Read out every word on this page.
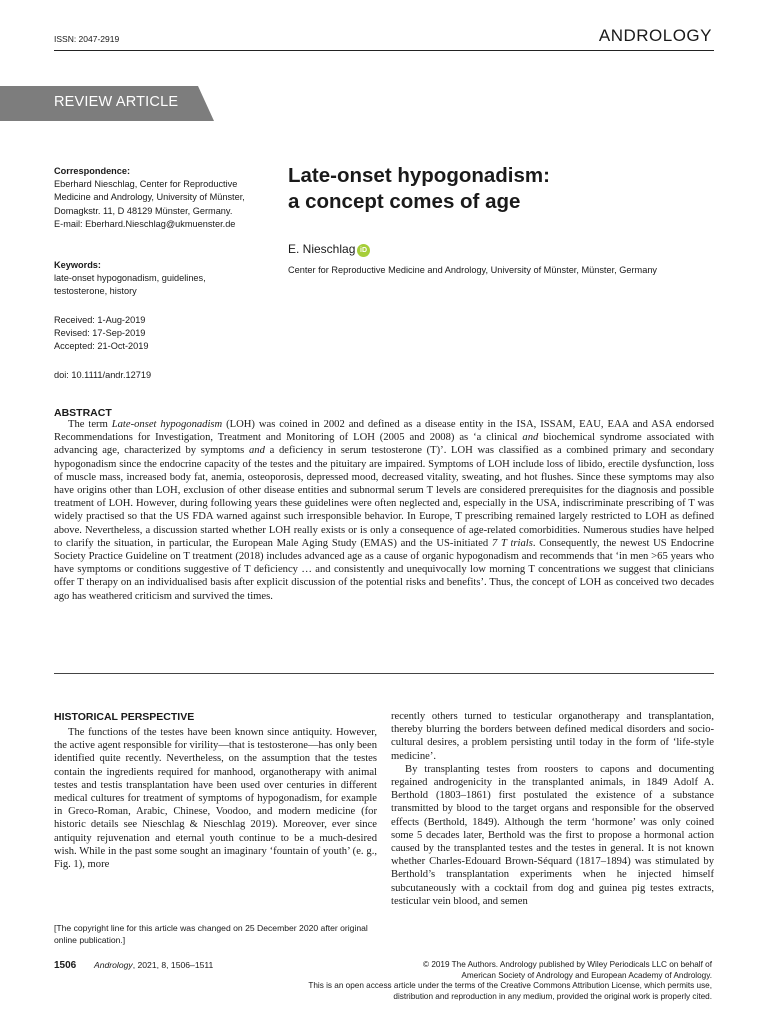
ISSN: 2047-2919	ANDROLOGY
REVIEW ARTICLE
Correspondence:
Eberhard Nieschlag, Center for Reproductive
Medicine and Andrology, University of Münster,
Domagkstr. 11, D 48129 Münster, Germany.
E-mail: Eberhard.Nieschlag@ukmuenster.de
Keywords:
late-onset hypogonadism, guidelines,
testosterone, history
Received: 1-Aug-2019
Revised: 17-Sep-2019
Accepted: 21-Oct-2019
doi: 10.1111/andr.12719
Late-onset hypogonadism:
a concept comes of age
E. Nieschlag iD
Center for Reproductive Medicine and Andrology, University of Münster, Münster, Germany
ABSTRACT
The term Late-onset hypogonadism (LOH) was coined in 2002 and defined as a disease entity in the ISA, ISSAM, EAU, EAA and ASA endorsed Recommendations for Investigation, Treatment and Monitoring of LOH (2005 and 2008) as ‘a clinical and biochemical syndrome associated with advancing age, characterized by symptoms and a deficiency in serum testosterone (T)’. LOH was classified as a combined primary and secondary hypogonadism since the endocrine capacity of the testes and the pituitary are impaired. Symptoms of LOH include loss of libido, erectile dysfunction, loss of muscle mass, increased body fat, anemia, osteoporosis, depressed mood, decreased vitality, sweating, and hot flushes. Since these symptoms may also have origins other than LOH, exclusion of other disease entities and subnormal serum T levels are considered prerequisites for the diagnosis and possible treatment of LOH. However, during following years these guidelines were often neglected and, especially in the USA, indiscriminate prescribing of T was widely practised so that the US FDA warned against such irresponsible behavior. In Europe, T prescribing remained largely restricted to LOH as defined above. Nevertheless, a discussion started whether LOH really exists or is only a consequence of age-related comorbidities. Numerous studies have helped to clarify the situation, in particular, the European Male Aging Study (EMAS) and the US-initiated 7 T trials. Consequently, the newest US Endocrine Society Practice Guideline on T treatment (2018) includes advanced age as a cause of organic hypogonadism and recommends that ‘in men >65 years who have symptoms or conditions suggestive of T deficiency … and consistently and unequivocally low morning T concentrations we suggest that clinicians offer T therapy on an individualised basis after explicit discussion of the potential risks and benefits’. Thus, the concept of LOH as conceived two decades ago has weathered criticism and survived the times.
HISTORICAL PERSPECTIVE
The functions of the testes have been known since antiquity. However, the active agent responsible for virility—that is testosterone—has only been identified quite recently. Nevertheless, on the assumption that the testes contain the ingredients required for manhood, organotherapy with animal testes and testis transplantation have been used over centuries in different medical cultures for treatment of symptoms of hypogonadism, for example in Greco-Roman, Arabic, Chinese, Voodoo, and modern medicine (for historic details see Nieschlag & Nieschlag 2019). Moreover, ever since antiquity rejuvenation and eternal youth continue to be a much-desired wish. While in the past some sought an imaginary ‘fountain of youth’ (e. g., Fig. 1), more
[The copyright line for this article was changed on 25 December 2020 after original online publication.]

recently others turned to testicular organotherapy and transplantation, thereby blurring the borders between defined medical disorders and socio-cultural desires, a problem persisting until today in the form of ‘life-style medicine’.

By transplanting testes from roosters to capons and documenting regained androgenicity in the transplanted animals, in 1849 Adolf A. Berthold (1803–1861) first postulated the existence of a substance transmitted by blood to the target organs and responsible for the observed effects (Berthold, 1849). Although the term ‘hormone’ was only coined some 5 decades later, Berthold was the first to propose a hormonal action caused by the transplanted testes and the testes in general. It is not known whether Charles-Edouard Brown-Séquard (1817–1894) was stimulated by Berthold’s transplantation experiments when he injected himself subcutaneously with a cocktail from dog and guinea pig testes extracts, testicular vein blood, and semen

1506 Andrology, 2021, 8, 1506–1511	© 2019 The Authors. Andrology published by Wiley Periodicals LLC on behalf of
American Society of Andrology and European Academy of Andrology.
This is an open access article under the terms of the Creative Commons Attribution License, which permits use,
distribution and reproduction in any medium, provided the original work is properly cited.
